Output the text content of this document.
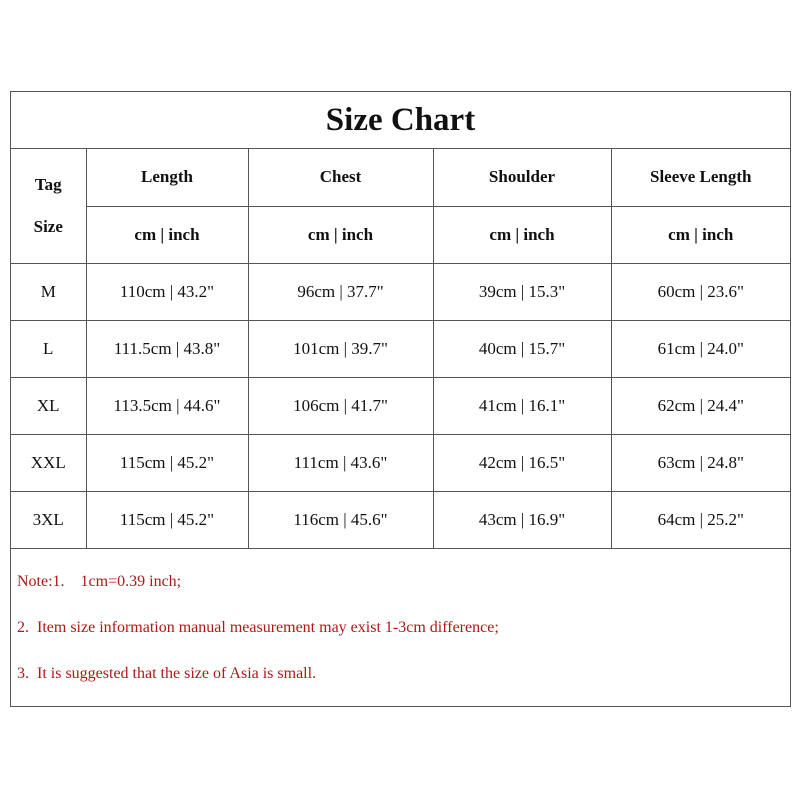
Size Chart
Tag
Size	Length	Chest	Shoulder	Sleeve Length
	cm | inch	cm | inch	cm | inch	cm | inch
M	110cm | 43.2"	96cm | 37.7"	39cm | 15.3"	60cm | 23.6"
L	111.5cm | 43.8"	101cm | 39.7"	40cm | 15.7"	61cm | 24.0"
XL	113.5cm | 44.6"	106cm | 41.7"	41cm | 16.1"	62cm | 24.4"
XXL	115cm | 45.2"	111cm | 43.6"	42cm | 16.5"	63cm | 24.8"
3XL	115cm | 45.2"	116cm | 45.6"	43cm | 16.9"	64cm | 25.2"
Note:1.    1cm=0.39 inch;
2.  Item size information manual measurement may exist 1-3cm difference;
3.  It is suggested that the size of Asia is small.
